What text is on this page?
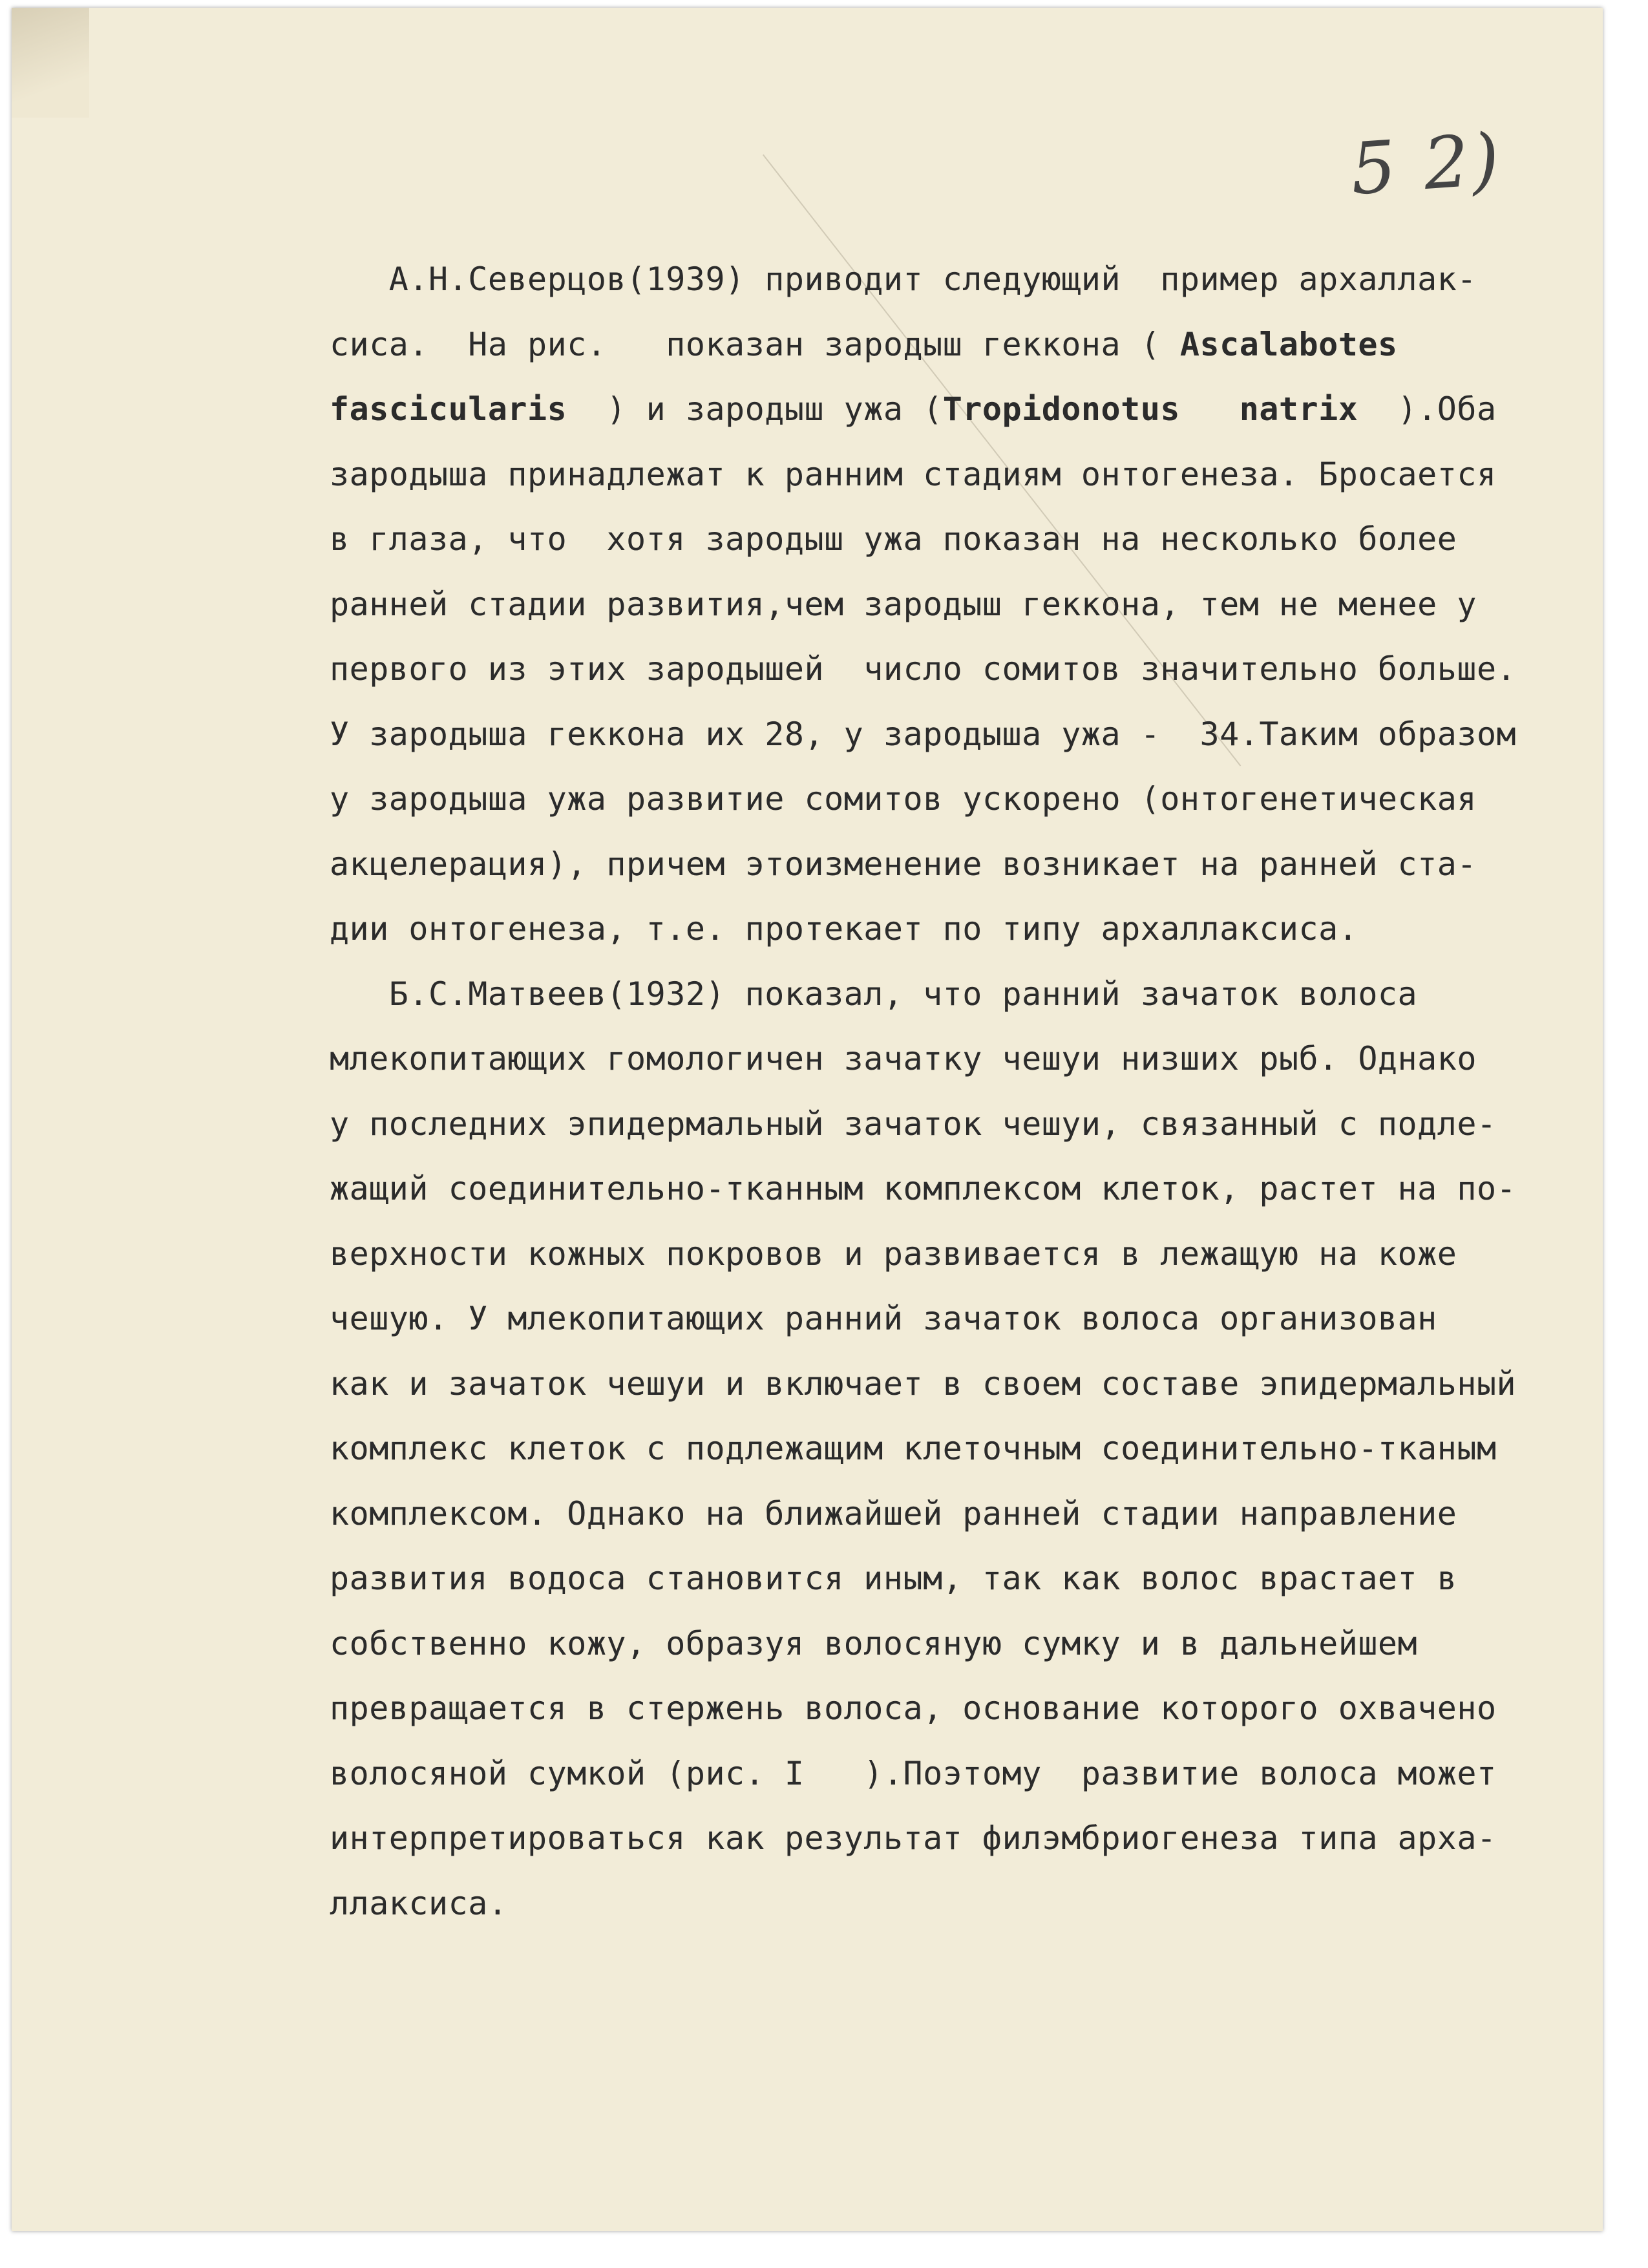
5 2)
А.Н.Северцов(1939) приводит следующий  пример архаллак-
сиса.  На рис.   показан зародыш геккона ( Ascalabotes
fascicularis  ) и зародыш ужа (Tropidonotus   natrix  ).Оба
зародыша принадлежат к ранним стадиям онтогенеза. Бросается
в глаза, что  хотя зародыш ужа показан на несколько более
ранней стадии развития,чем зародыш геккона, тем не менее у
первого из этих зародышей  число сомитов значительно больше.
У зародыша геккона их 28, у зародыша ужа -  34.Таким образом
у зародыша ужа развитие сомитов ускорено (онтогенетическая
акцелерация), причем этоизменение возникает на ранней ста-
дии онтогенеза, т.е. протекает по типу архаллаксиса.
Б.С.Матвеев(1932) показал, что ранний зачаток волоса
млекопитающих гомологичен зачатку чешуи низших рыб. Однако
у последних эпидермальный зачаток чешуи, связанный с подле-
жащий соединительно-тканным комплексом клеток, растет на по-
верхности кожных покровов и развивается в лежащую на коже
чешую. У млекопитающих ранний зачаток волоса организован
как и зачаток чешуи и включает в своем составе эпидермальный
комплекс клеток с подлежащим клеточным соединительно-тканым
комплексом. Однако на ближайшей ранней стадии направление
развития водоса становится иным, так как волос врастает в
собственно кожу, образуя волосяную сумку и в дальнейшем
превращается в стержень волоса, основание которого охвачено
волосяной сумкой (рис. I   ).Поэтому  развитие волоса может
интерпретироваться как результат филэмбриогенеза типа арха-
ллаксиса.
